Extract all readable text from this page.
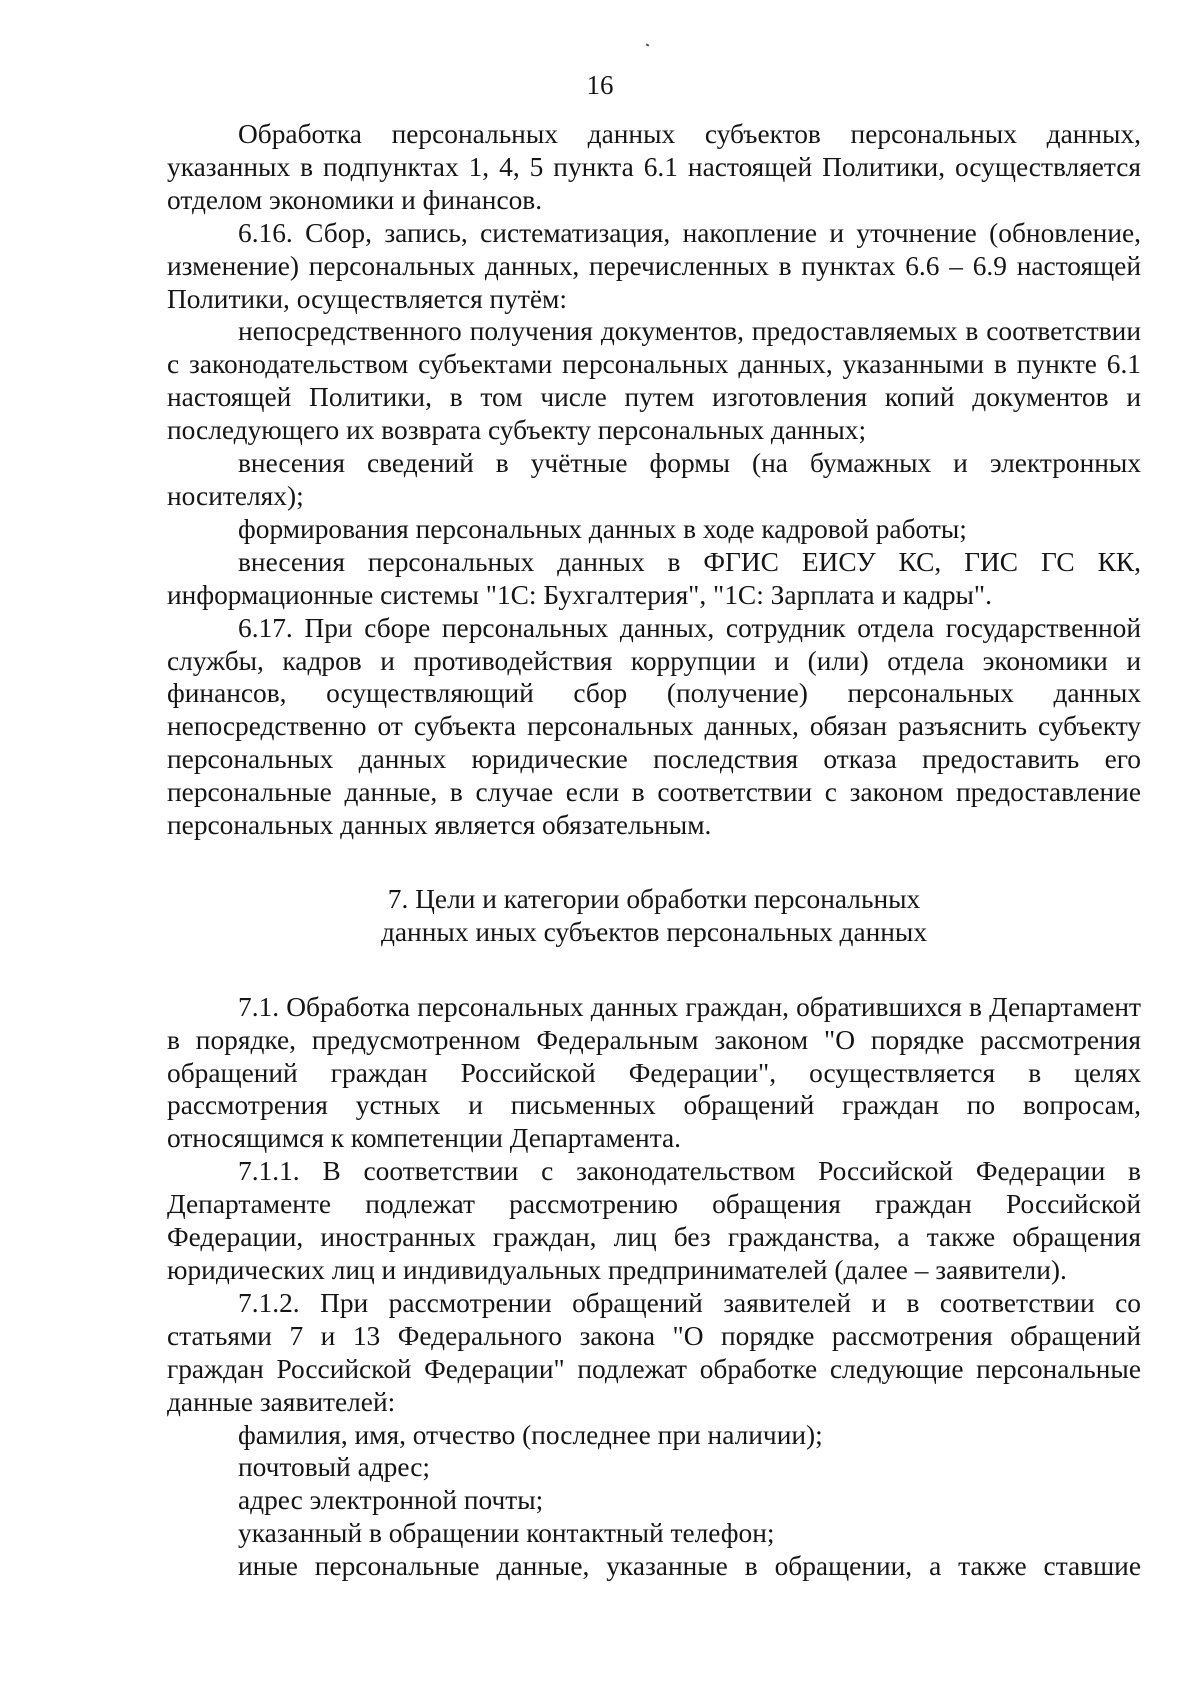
16

Обработка персональных данных субъектов персональных данных, указанных в подпунктах 1, 4, 5 пункта 6.1 настоящей Политики, осуществляется отделом экономики и финансов.

6.16. Сбор, запись, систематизация, накопление и уточнение (обновление, изменение) персональных данных, перечисленных в пунктах 6.6 – 6.9 настоящей Политики, осуществляется путём:

непосредственного получения документов, предоставляемых в соответствии с законодательством субъектами персональных данных, указанными в пункте 6.1 настоящей Политики, в том числе путем изготовления копий документов и последующего их возврата субъекту персональных данных;

внесения сведений в учётные формы (на бумажных и электронных носителях);

формирования персональных данных в ходе кадровой работы;

внесения персональных данных в ФГИС ЕИСУ КС, ГИС ГС КК, информационные системы "1С: Бухгалтерия", "1С: Зарплата и кадры".

6.17. При сборе персональных данных, сотрудник отдела государственной службы, кадров и противодействия коррупции и (или) отдела экономики и финансов, осуществляющий сбор (получение) персональных данных непосредственно от субъекта персональных данных, обязан разъяснить субъекту персональных данных юридические последствия отказа предоставить его персональные данные, в случае если в соответствии с законом предоставление персональных данных является обязательным.

7. Цели и категории обработки персональных
данных иных субъектов персональных данных

7.1. Обработка персональных данных граждан, обратившихся в Департамент в порядке, предусмотренном Федеральным законом "О порядке рассмотрения обращений граждан Российской Федерации", осуществляется в целях рассмотрения устных и письменных обращений граждан по вопросам, относящимся к компетенции Департамента.

7.1.1. В соответствии с законодательством Российской Федерации в Департаменте подлежат рассмотрению обращения граждан Российской Федерации, иностранных граждан, лиц без гражданства, а также обращения юридических лиц и индивидуальных предпринимателей (далее – заявители).

7.1.2. При рассмотрении обращений заявителей и в соответствии со статьями 7 и 13 Федерального закона "О порядке рассмотрения обращений граждан Российской Федерации" подлежат обработке следующие персональные данные заявителей:

фамилия, имя, отчество (последнее при наличии);

почтовый адрес;

адрес электронной почты;

указанный в обращении контактный телефон;

иные персональные данные, указанные в обращении, а также ставшие
